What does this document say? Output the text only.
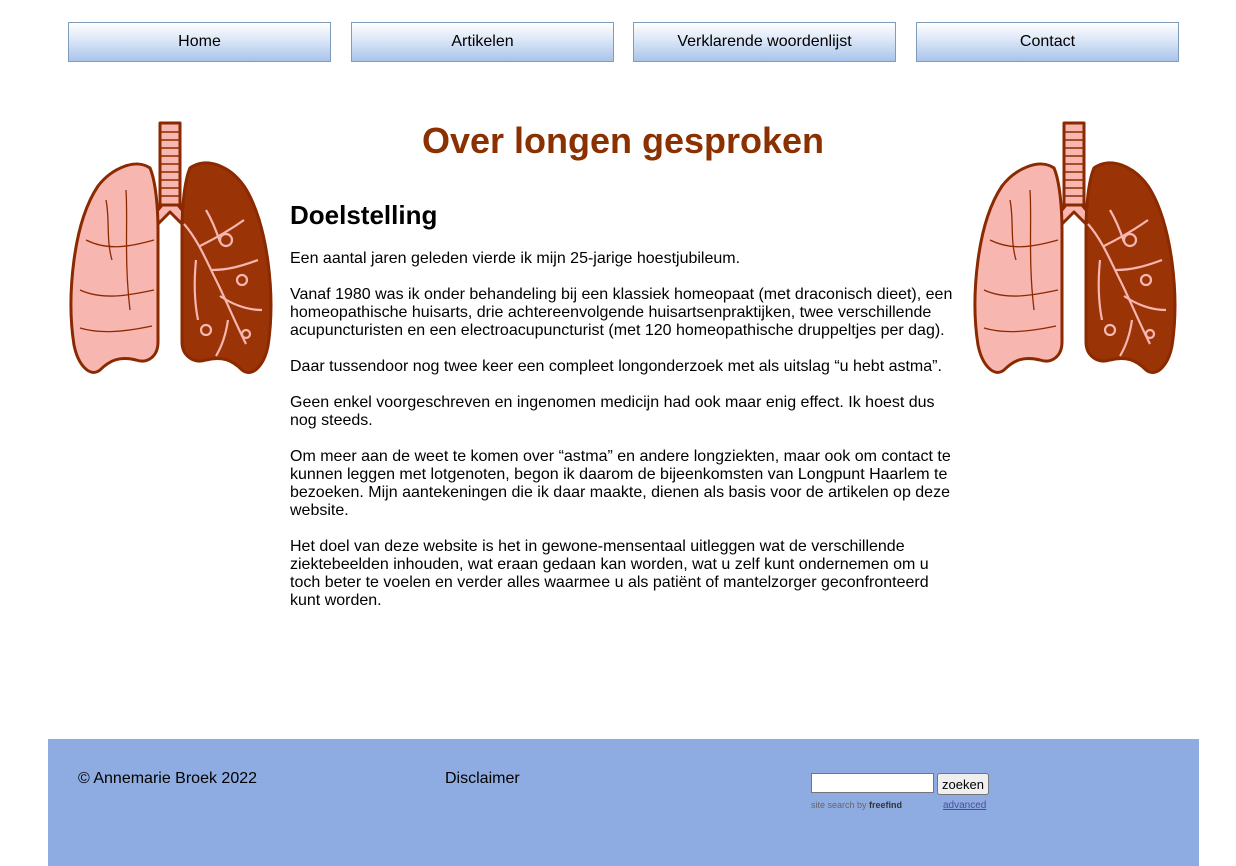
Home	Artikelen	Verklarende woordenlijst	Contact
Over longen gesproken
Doelstelling

Een aantal jaren geleden vierde ik mijn 25-jarige hoestjubileum.

Vanaf 1980 was ik onder behandeling bij een klassiek homeopaat (met draconisch dieet), een homeopathische huisarts, drie achtereenvolgende huisartsenpraktijken, twee verschillende acupuncturisten en een electroacupuncturist (met 120 homeopathische druppeltjes per dag).

Daar tussendoor nog twee keer een compleet longonderzoek met als uitslag “u hebt astma”.

Geen enkel voorgeschreven en ingenomen medicijn had ook maar enig effect. Ik hoest dus nog steeds.

Om meer aan de weet te komen over “astma” en andere longziekten, maar ook om contact te kunnen leggen met lotgenoten, begon ik daarom de bijeenkomsten van Longpunt Haarlem te bezoeken. Mijn aantekeningen die ik daar maakte, dienen als basis voor de artikelen op deze website.

Het doel van deze website is het in gewone-mensentaal uitleggen wat de verschillende ziektebeelden inhouden, wat eraan gedaan kan worden, wat u zelf kunt ondernemen om u toch beter te voelen en verder alles waarmee u als patiënt of mantelzorger geconfronteerd kunt worden.

© Annemarie Broek 2022	Disclaimer	zoeken
site search by freefind	advanced
